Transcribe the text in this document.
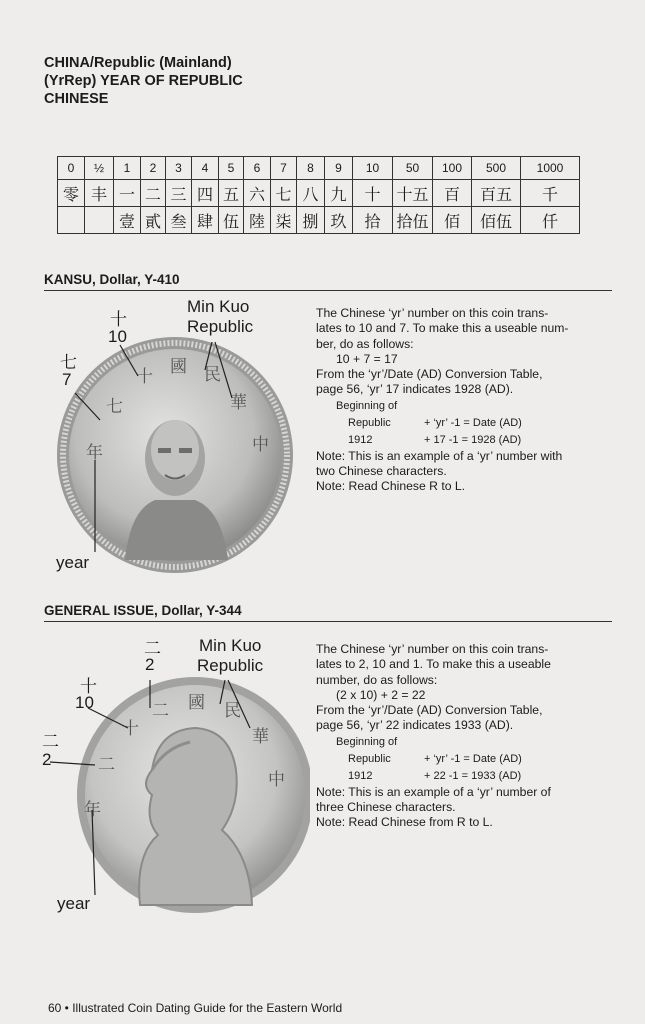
CHINA/Republic (Mainland)
(YrRep) YEAR OF REPUBLIC
CHINESE
0	½	1	2	3	4	5	6	7	8	9	10	50	100	500	1000
零	丰	一	二	三	四	五	六	七	八	九	十	十五	百	百五	千
		壹	貳	叁	肆	伍	陸	柒	捌	玖	拾	拾伍	佰	佰伍	仟
KANSU, Dollar, Y-410
中
華
民
國
十
七
年
十
10
七
7
Min Kuo
Republic
year

The Chinese ‘yr’ number on this coin trans-

lates to 10 and 7. To make this a useable num-

ber, do as follows:

10 + 7 = 17

From the ‘yr’/Date (AD) Conversion Table,

page 56, ‘yr’ 17 indicates 1928 (AD).

Beginning of
Republic	+ ‘yr’ -1 = Date (AD)
1912	+ 17 -1 = 1928 (AD)

Note: This is an example of a ‘yr’ number with

two Chinese characters.

Note: Read Chinese R to L.

GENERAL ISSUE, Dollar, Y-344
中
華
民
國
二
十
二
年
二
2
十
10
二
2
Min Kuo
Republic
year

The Chinese ‘yr’ number on this coin trans-

lates to 2, 10 and 1. To make this a useable

number, do as follows:

(2 x 10) + 2 = 22

From the ‘yr’/Date (AD) Conversion Table,

page 56, ‘yr’ 22 indicates 1933 (AD).

Beginning of
Republic	+ ‘yr’ -1 = Date (AD)
1912	+ 22 -1 = 1933 (AD)

Note: This is an example of a ‘yr’ number of

three Chinese characters.

Note: Read Chinese from R to L.

60 • Illustrated Coin Dating Guide for the Eastern World
